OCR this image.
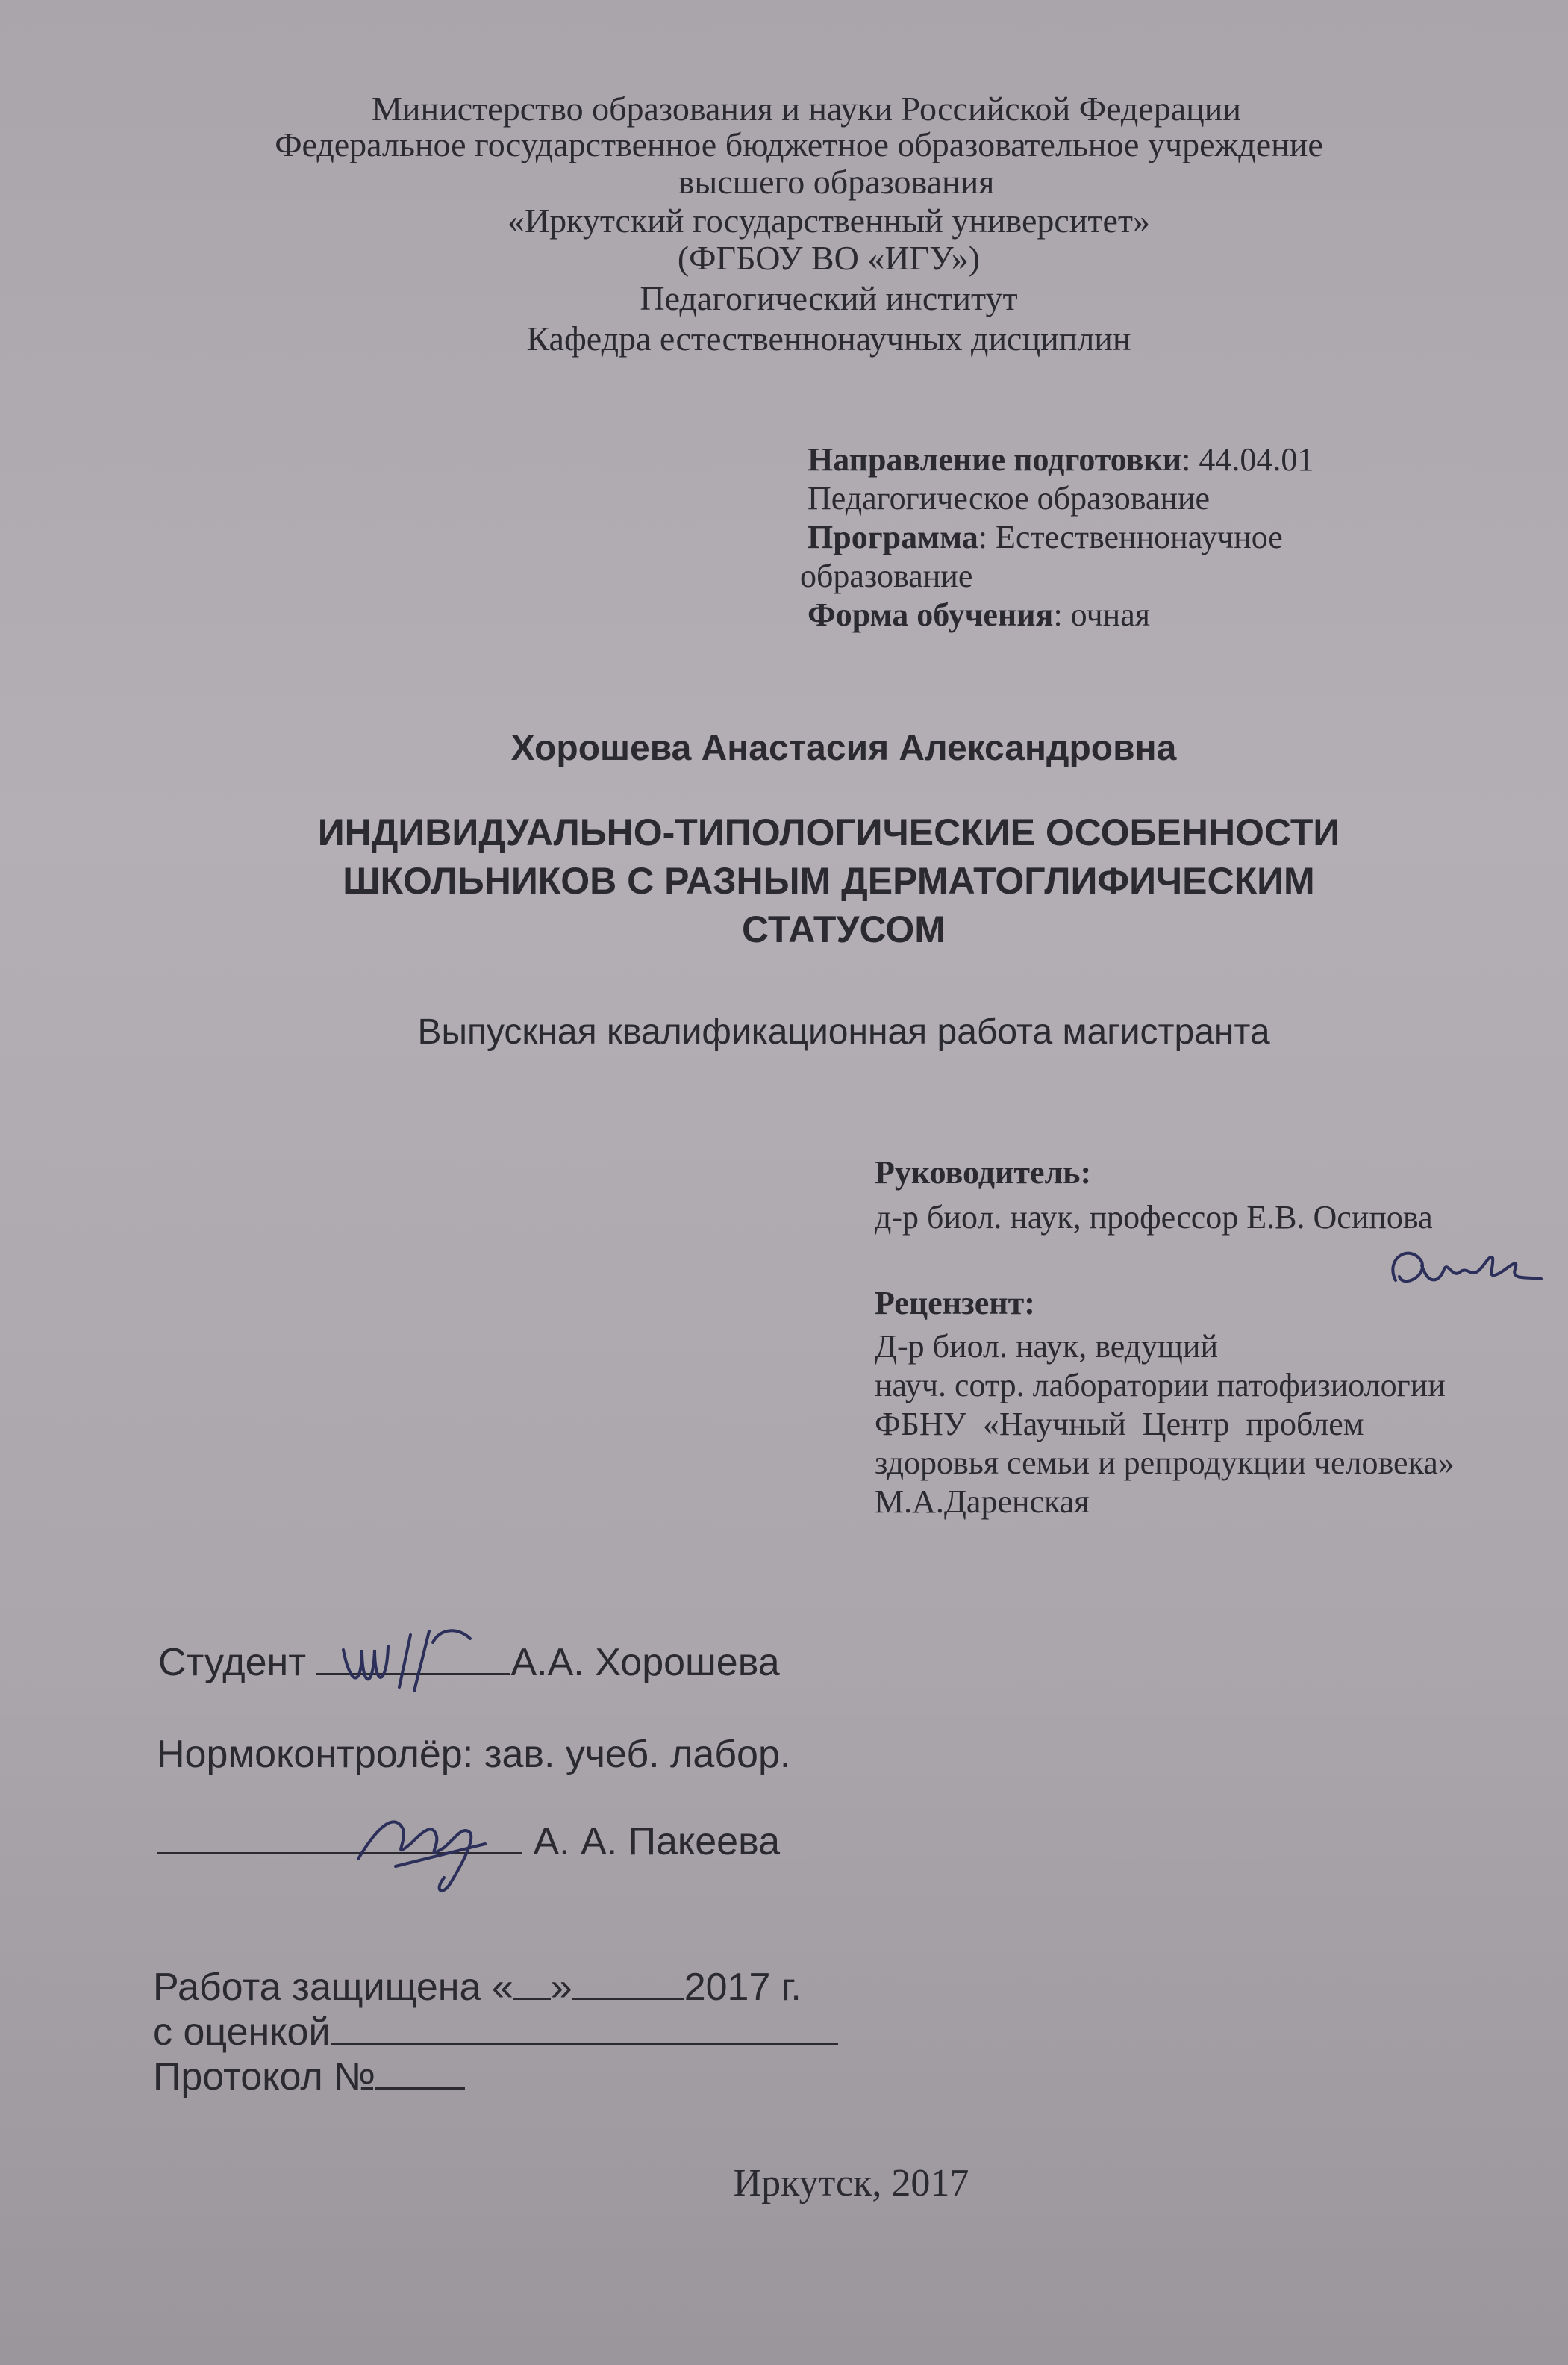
Министерство образования и науки Российской Федерации
Федеральное государственное бюджетное образовательное учреждение
высшего образования
«Иркутский государственный университет»
(ФГБОУ ВО «ИГУ»)
Педагогический институт
Кафедра естественнонаучных дисциплин
Направление подготовки: 44.04.01
Педагогическое образование
Программа: Естественнонаучное
образование
Форма обучения: очная
Хорошева Анастасия Александровна
ИНДИВИДУАЛЬНО-ТИПОЛОГИЧЕСКИЕ ОСОБЕННОСТИ
ШКОЛЬНИКОВ С РАЗНЫМ ДЕРМАТОГЛИФИЧЕСКИМ
СТАТУСОМ
Выпускная квалификационная работа магистранта
Руководитель:
д-р биол. наук, профессор Е.В. Осипова
Рецензент:
Д-р биол. наук, ведущий
науч. сотр. лаборатории патофизиологии
ФБНУ  «Научный  Центр  проблем
здоровья семьи и репродукции человека»
М.А.Даренская
Студент	А.А. Хорошева
Нормоконтролёр: зав. учеб. лабор.
А. А. Пакеева
Работа защищена « »	2017 г.
с оценкой
Протокол №
Иркутск, 2017
